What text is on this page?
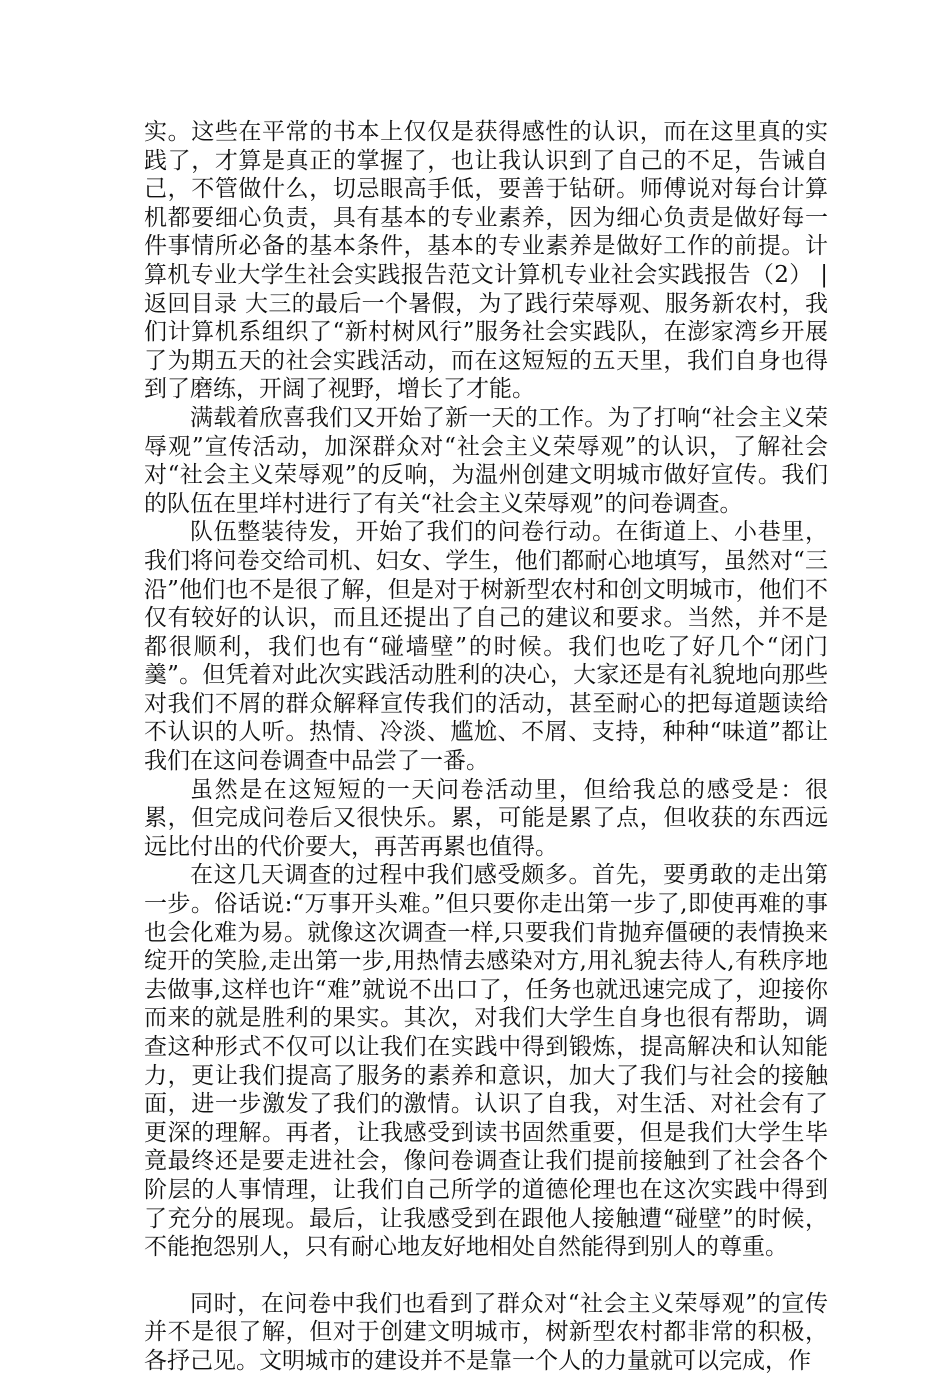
实。这些在平常的书本上仅仅是获得感性的认识，而在这里真的实践了，才算是真正的掌握了，也让我认识到了自己的不足，告诫自己，不管做什么，切忌眼高手低，要善于钻研。师傅说对每台计算机都要细心负责，具有基本的专业素养，因为细心负责是做好每一件事情所必备的基本条件，基本的专业素养是做好工作的前提。计算机专业大学生社会实践报告范文计算机专业社会实践报告（2） | 返回目录 大三的最后一个暑假，为了践行荣辱观、服务新农村，我们计算机系组织了“新村树风行”服务社会实践队，在澎家湾乡开展了为期五天的社会实践活动，而在这短短的五天里，我们自身也得到了磨练，开阔了视野，增长了才能。

满载着欣喜我们又开始了新一天的工作。为了打响“社会主义荣辱观”宣传活动，加深群众对“社会主义荣辱观”的认识，了解社会对“社会主义荣辱观”的反响，为温州创建文明城市做好宣传。我们的队伍在里垟村进行了有关“社会主义荣辱观”的问卷调查。

队伍整装待发，开始了我们的问卷行动。在街道上、小巷里，我们将问卷交给司机、妇女、学生，他们都耐心地填写，虽然对“三沿”他们也不是很了解，但是对于树新型农村和创文明城市，他们不仅有较好的认识，而且还提出了自己的建议和要求。当然，并不是都很顺利，我们也有“碰墙壁”的时候。我们也吃了好几个“闭门羹”。但凭着对此次实践活动胜利的决心，大家还是有礼貌地向那些对我们不屑的群众解释宣传我们的活动，甚至耐心的把每道题读给不认识的人听。热情、冷淡、尴尬、不屑、支持，种种“味道”都让我们在这问卷调查中品尝了一番。

虽然是在这短短的一天问卷活动里，但给我总的感受是：很累，但完成问卷后又很快乐。累，可能是累了点，但收获的东西远远比付出的代价要大，再苦再累也值得。

在这几天调查的过程中我们感受颇多。首先，要勇敢的走出第一步。俗话说:“万事开头难。”但只要你走出第一步了,即使再难的事也会化难为易。就像这次调查一样,只要我们肯抛弃僵硬的表情换来绽开的笑脸,走出第一步,用热情去感染对方,用礼貌去待人,有秩序地去做事,这样也许“难”就说不出口了，任务也就迅速完成了，迎接你而来的就是胜利的果实。其次，对我们大学生自身也很有帮助，调查这种形式不仅可以让我们在实践中得到锻炼，提高解决和认知能力，更让我们提高了服务的素养和意识，加大了我们与社会的接触面，进一步激发了我们的激情。认识了自我，对生活、对社会有了更深的理解。再者，让我感受到读书固然重要，但是我们大学生毕竟最终还是要走进社会，像问卷调查让我们提前接触到了社会各个阶层的人事情理，让我们自己所学的道德伦理也在这次实践中得到了充分的展现。最后，让我感受到在跟他人接触遭“碰壁”的时候，不能抱怨别人，只有耐心地友好地相处自然能得到别人的尊重。

同时，在问卷中我们也看到了群众对“社会主义荣辱观”的宣传并不是很了解，但对于创建文明城市，树新型农村都非常的积极，各抒己见。文明城市的建设并不是靠一个人的力量就可以完成，作
